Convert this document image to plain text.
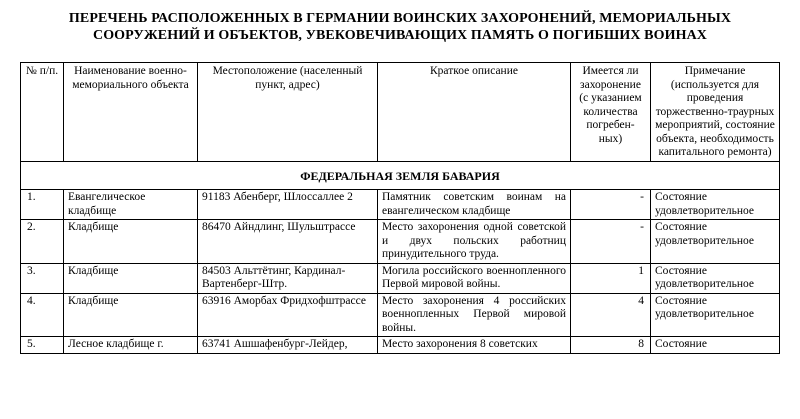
ПЕРЕЧЕНЬ РАСПОЛОЖЕННЫХ В ГЕРМАНИИ ВОИНСКИХ ЗАХОРОНЕНИЙ, МЕМОРИАЛЬНЫХ
СООРУЖЕНИЙ И ОБЪЕКТОВ, УВЕКОВЕЧИВАЮЩИХ ПАМЯТЬ О ПОГИБШИХ ВОИНАХ
№ п/п.	Наименование военно-мемориального объекта	Местоположение (населенный пункт, адрес)	Краткое описание	Имеется ли захоронение (с указанием количества погребен-ных)	Примечание (используется для проведения торжественно-траурных мероприятий, состояние объекта, необходимость капитального ремонта)
ФЕДЕРАЛЬНАЯ ЗЕМЛЯ БАВАРИЯ					
1.	Евангелическое кладбище	91183 Абенберг, Шлоссаллее 2	Памятник советским воинам на евангелическом кладбище	-	Состояние удовлетворительное
2.	Кладбище	86470 Айндлинг, Шульштрассе	Место захоронения одной советской и двух польских работниц принудительного труда.	-	Состояние удовлетворительное
3.	Кладбище	84503 Альттётинг, Кардинал-Вартенберг-Штр.	Могила российского военнопленного Первой мировой войны.	1	Состояние удовлетворительное
4.	Кладбище	63916 Аморбах Фридхофштрассе	Место захоронения 4 российских военнопленных Первой мировой войны.	4	Состояние удовлетворительное
5.	Лесное кладбище г.	63741 Ашшафенбург-Лейдер,	Место захоронения 8 советских	8	Состояние
